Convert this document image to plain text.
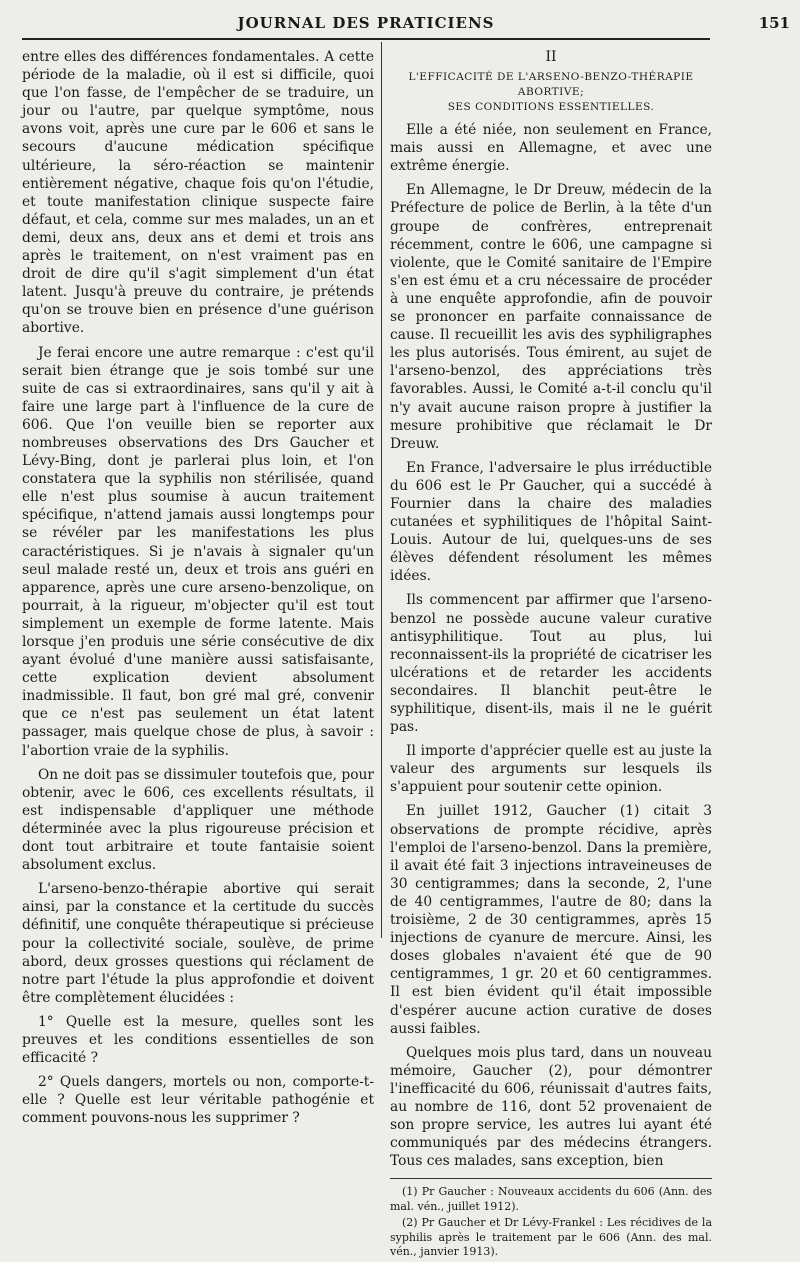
JOURNAL DES PRATICIENS	151

entre elles des différences fondamentales. A cette période de la maladie, où il est si difficile, quoi que l'on fasse, de l'empêcher de se traduire, un jour ou l'autre, par quelque symptôme, nous avons voit, après une cure par le 606 et sans le secours d'aucune médication spécifique ultérieure, la séro-réaction se maintenir entièrement négative, chaque fois qu'on l'étudie, et toute manifestation clinique suspecte faire défaut, et cela, comme sur mes malades, un an et demi, deux ans, deux ans et demi et trois ans après le traitement, on n'est vraiment pas en droit de dire qu'il s'agit simplement d'un état latent. Jusqu'à preuve du contraire, je prétends qu'on se trouve bien en présence d'une guérison abortive.

Je ferai encore une autre remarque : c'est qu'il serait bien étrange que je sois tombé sur une suite de cas si extraordinaires, sans qu'il y ait à faire une large part à l'influence de la cure de 606. Que l'on veuille bien se reporter aux nombreuses observations des Drs Gaucher et Lévy-Bing, dont je parlerai plus loin, et l'on constatera que la syphilis non stérilisée, quand elle n'est plus soumise à aucun traitement spécifique, n'attend jamais aussi longtemps pour se révéler par les manifestations les plus caractéristiques. Si je n'avais à signaler qu'un seul malade resté un, deux et trois ans guéri en apparence, après une cure arseno-benzolique, on pourrait, à la rigueur, m'objecter qu'il est tout simplement un exemple de forme latente. Mais lorsque j'en produis une série consécutive de dix ayant évolué d'une manière aussi satisfaisante, cette explication devient absolument inadmissible. Il faut, bon gré mal gré, convenir que ce n'est pas seulement un état latent passager, mais quelque chose de plus, à savoir : l'abortion vraie de la syphilis.

On ne doit pas se dissimuler toutefois que, pour obtenir, avec le 606, ces excellents résultats, il est indispensable d'appliquer une méthode déterminée avec la plus rigoureuse précision et dont tout arbitraire et toute fantaisie soient absolument exclus.

L'arseno-benzo-thérapie abortive qui serait ainsi, par la constance et la certitude du succès définitif, une conquête thérapeutique si précieuse pour la collectivité sociale, soulève, de prime abord, deux grosses questions qui réclament de notre part l'étude la plus approfondie et doivent être complètement élucidées :

1° Quelle est la mesure, quelles sont les preuves et les conditions essentielles de son efficacité ?

2° Quels dangers, mortels ou non, comporte-t-elle ? Quelle est leur véritable pathogénie et comment pouvons-nous les supprimer ?

II

L'EFFICACITÉ DE L'ARSENO-BENZO-THÉRAPIE ABORTIVE;
SES CONDITIONS ESSENTIELLES.

Elle a été niée, non seulement en France, mais aussi en Allemagne, et avec une extrême énergie.

En Allemagne, le Dr Dreuw, médecin de la Préfecture de police de Berlin, à la tête d'un groupe de confrères, entreprenait récemment, contre le 606, une campagne si violente, que le Comité sanitaire de l'Empire s'en est ému et a cru nécessaire de procéder à une enquête approfondie, afin de pouvoir se prononcer en parfaite connaissance de cause. Il recueillit les avis des syphiligraphes les plus autorisés. Tous émirent, au sujet de l'arseno-benzol, des appréciations très favorables. Aussi, le Comité a-t-il conclu qu'il n'y avait aucune raison propre à justifier la mesure prohibitive que réclamait le Dr Dreuw.

En France, l'adversaire le plus irréductible du 606 est le Pr Gaucher, qui a succédé à Fournier dans la chaire des maladies cutanées et syphilitiques de l'hôpital Saint-Louis. Autour de lui, quelques-uns de ses élèves défendent résolument les mêmes idées.

Ils commencent par affirmer que l'arseno-benzol ne possède aucune valeur curative antisyphilitique. Tout au plus, lui reconnaissent-ils la propriété de cicatriser les ulcérations et de retarder les accidents secondaires. Il blanchit peut-être le syphilitique, disent-ils, mais il ne le guérit pas.

Il importe d'apprécier quelle est au juste la valeur des arguments sur lesquels ils s'appuient pour soutenir cette opinion.

En juillet 1912, Gaucher (1) citait 3 observations de prompte récidive, après l'emploi de l'arseno-benzol. Dans la première, il avait été fait 3 injections intraveineuses de 30 centigrammes; dans la seconde, 2, l'une de 40 centigrammes, l'autre de 80; dans la troisième, 2 de 30 centigrammes, après 15 injections de cyanure de mercure. Ainsi, les doses globales n'avaient été que de 90 centigrammes, 1 gr. 20 et 60 centigrammes. Il est bien évident qu'il était impossible d'espérer aucune action curative de doses aussi faibles.

Quelques mois plus tard, dans un nouveau mémoire, Gaucher (2), pour démontrer l'inefficacité du 606, réunissait d'autres faits, au nombre de 116, dont 52 provenaient de son propre service, les autres lui ayant été communiqués par des médecins étrangers. Tous ces malades, sans exception, bien

(1) Pr Gaucher : Nouveaux accidents du 606 (Ann. des mal. vén., juillet 1912).

(2) Pr Gaucher et Dr Lévy-Frankel : Les récidives de la syphilis après le traitement par le 606 (Ann. des mal. vén., janvier 1913).
